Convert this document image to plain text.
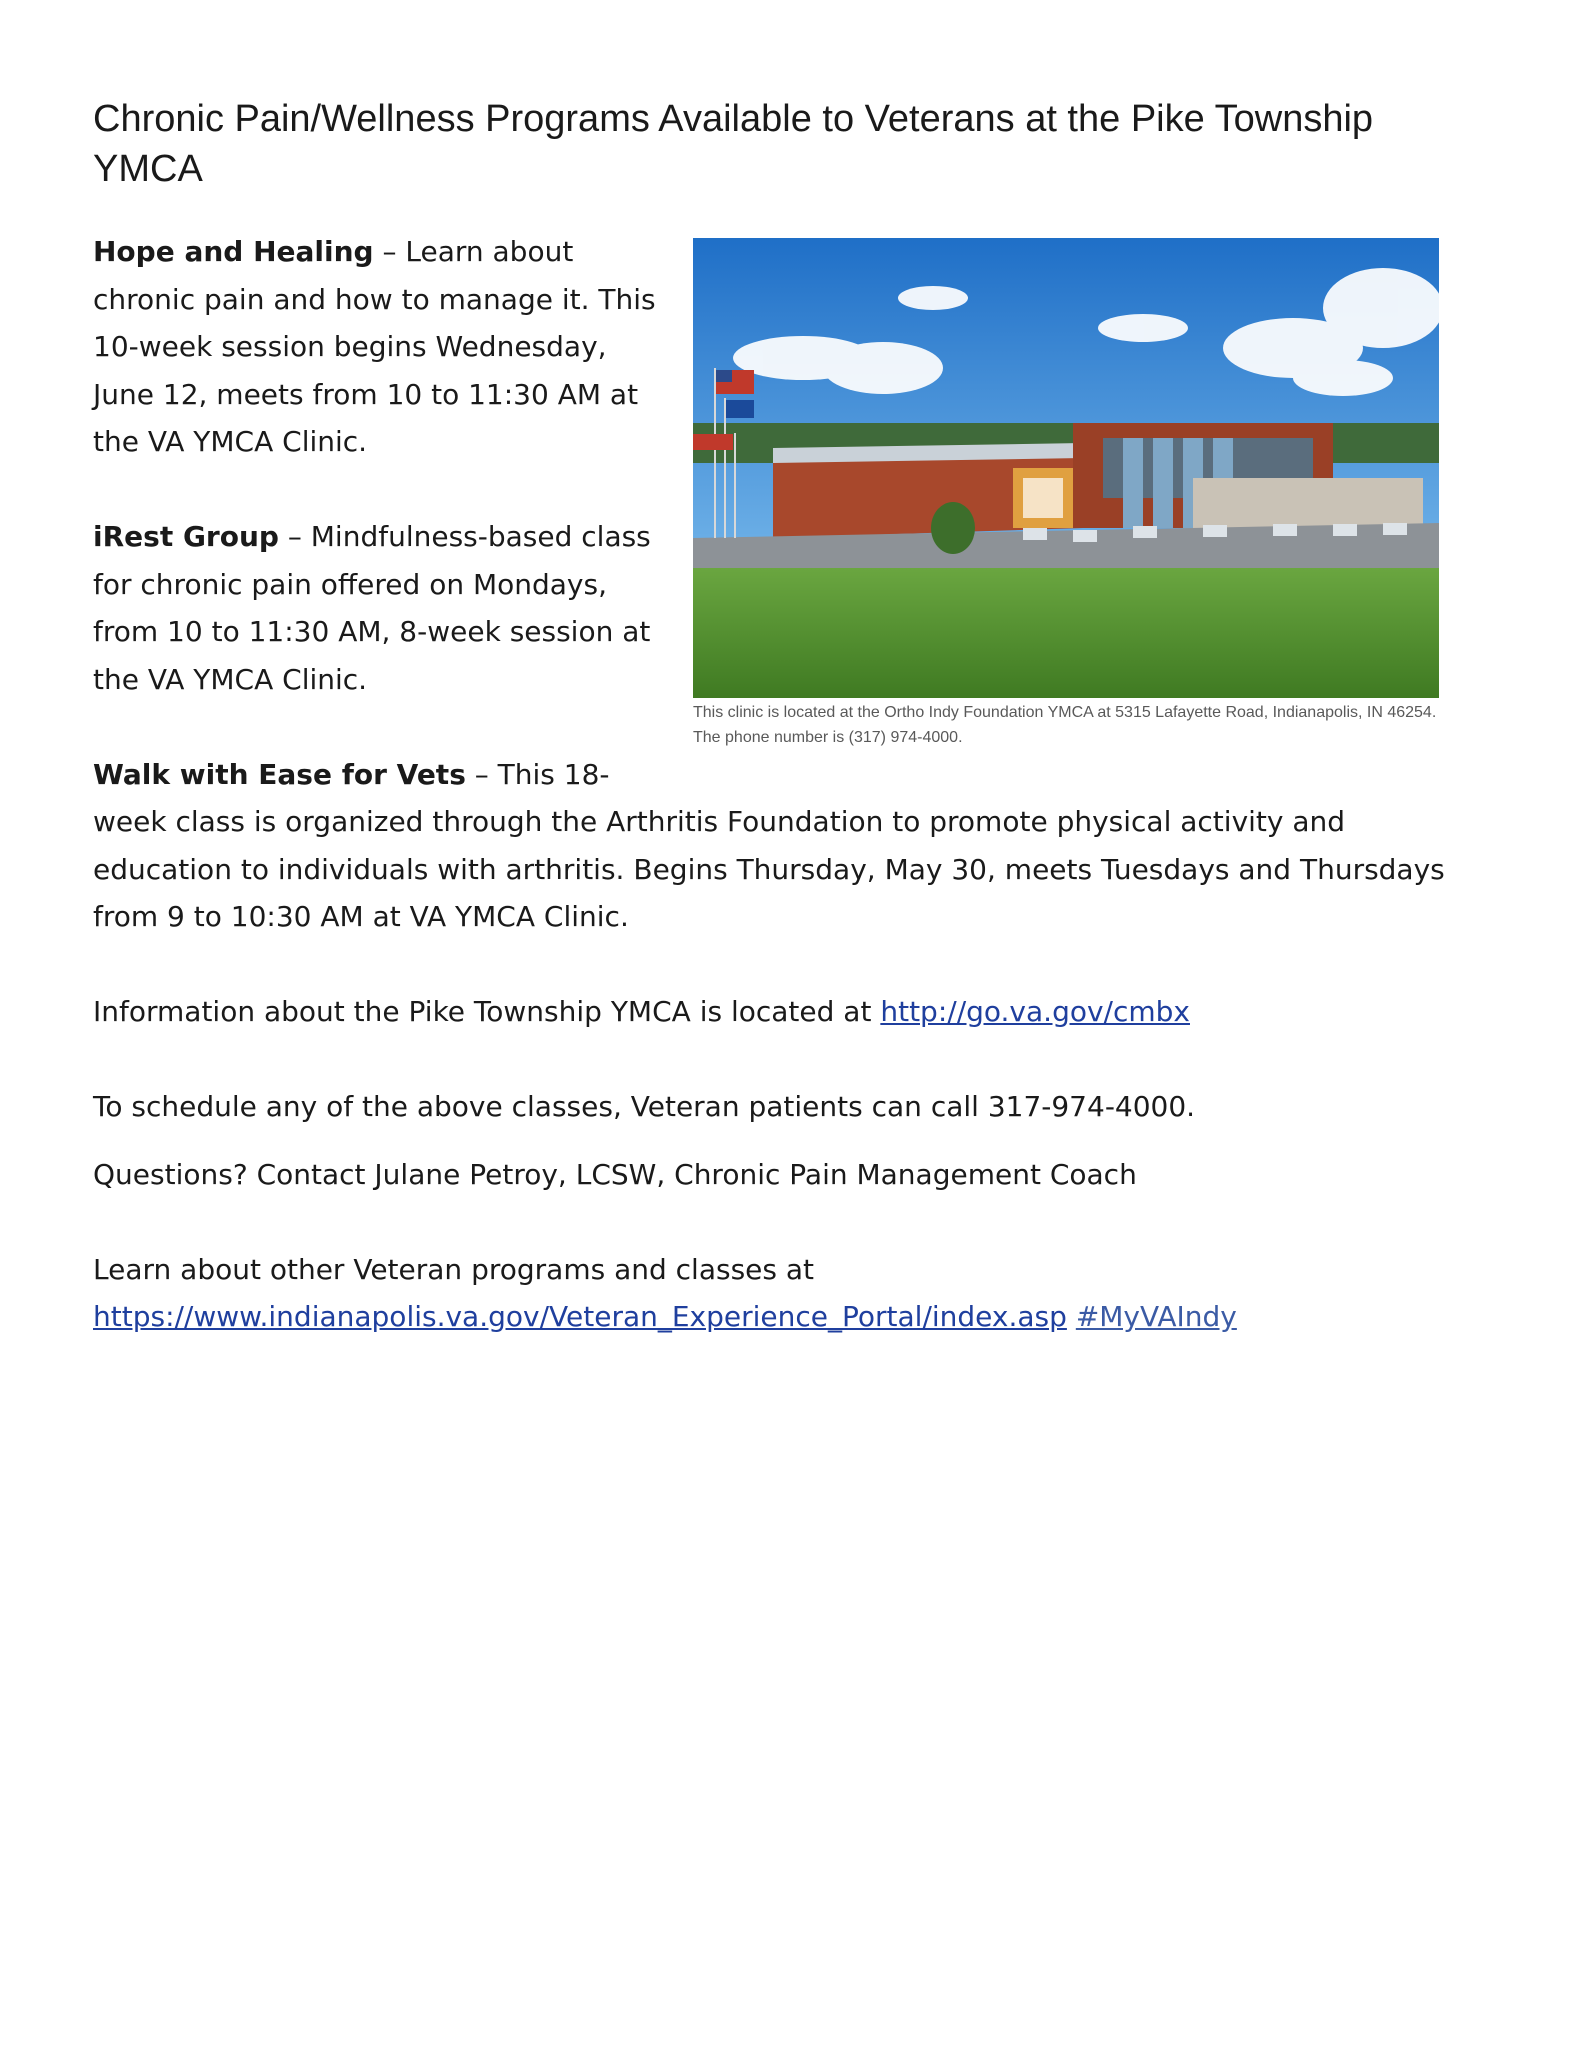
Chronic Pain/Wellness Programs Available to Veterans at the Pike Township YMCA
This clinic is located at the Ortho Indy Foundation YMCA at 5315 Lafayette Road, Indianapolis, IN 46254. The phone number is (317) 974-4000.

Hope and Healing – Learn about chronic pain and how to manage it. This 10-week session begins Wednesday, June 12, meets from 10 to 11:30 AM at the VA YMCA Clinic.

iRest Group – Mindfulness-based class for chronic pain offered on Mondays, from 10 to 11:30 AM, 8-week session at the VA YMCA Clinic.

Walk with Ease for Vets – This 18-week class is organized through the Arthritis Foundation to promote physical activity and education to individuals with arthritis. Begins Thursday, May 30, meets Tuesdays and Thursdays from 9 to 10:30 AM at VA YMCA Clinic.

Information about the Pike Township YMCA is located at http://go.va.gov/cmbx

To schedule any of the above classes, Veteran patients can call 317-974-4000.

Questions? Contact Julane Petroy, LCSW, Chronic Pain Management Coach

Learn about other Veteran programs and classes at
https://www.indianapolis.va.gov/Veteran_Experience_Portal/index.asp #MyVAIndy
